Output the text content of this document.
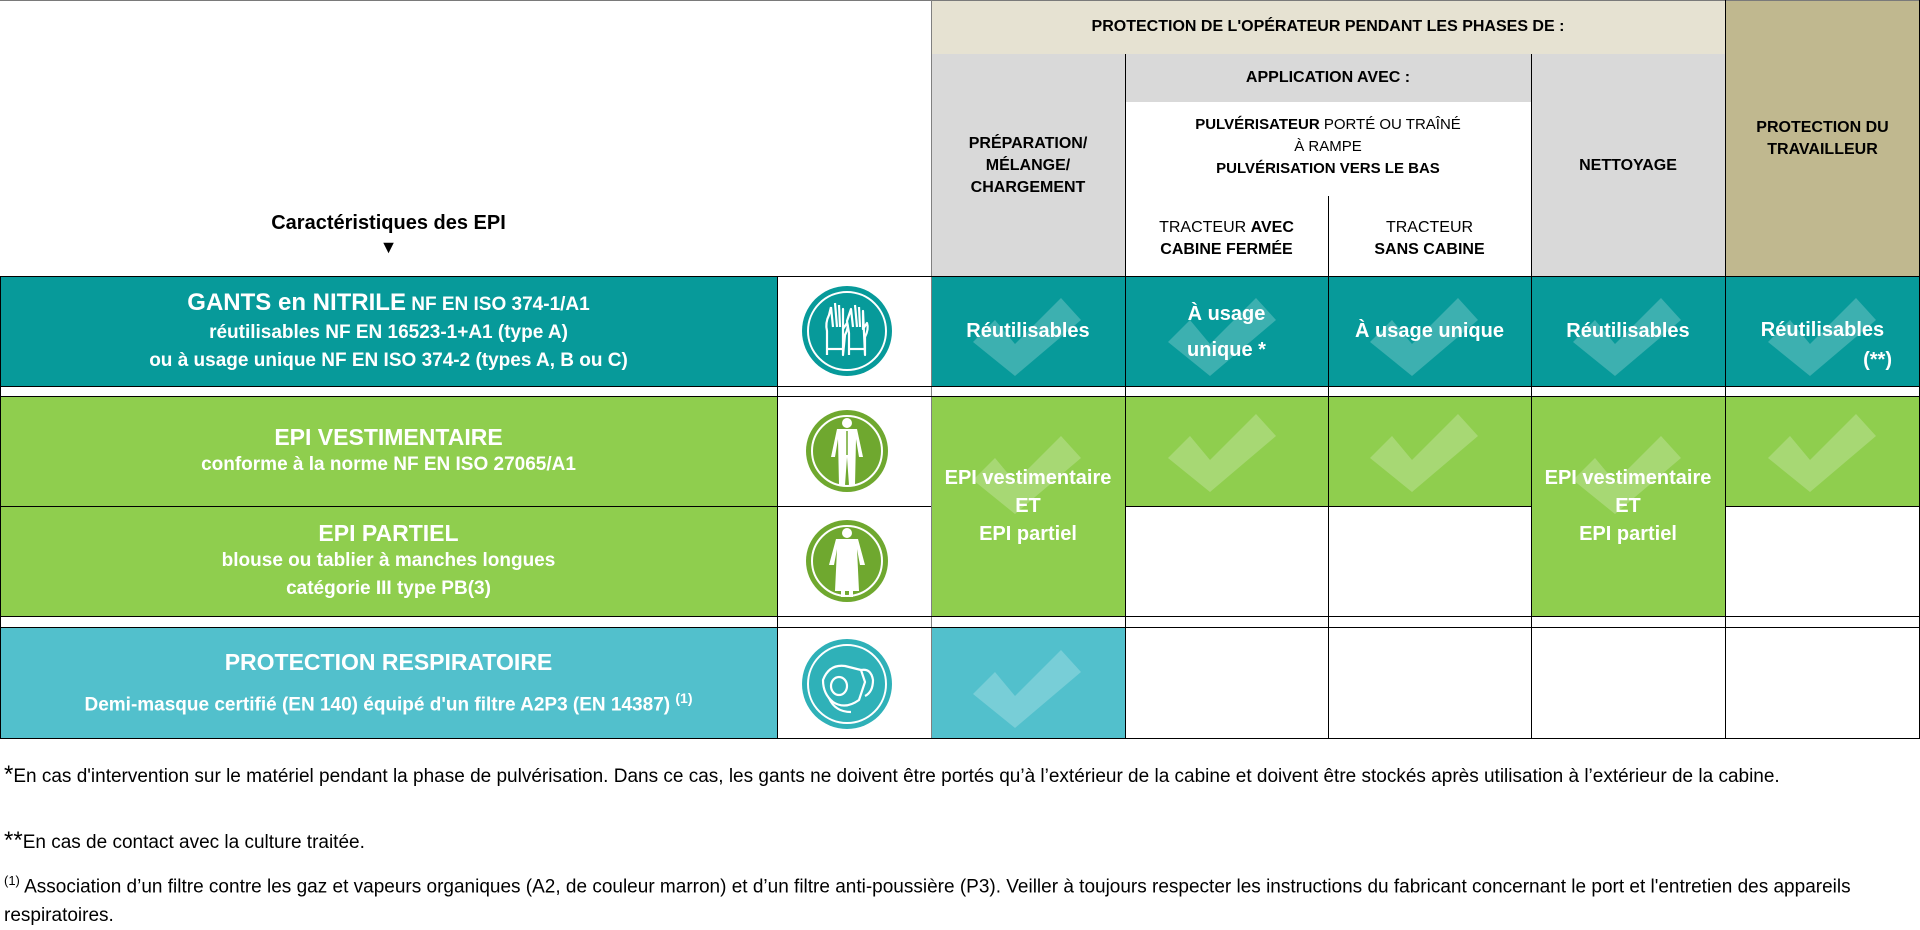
Caractéristiques des EPI
▼
PROTECTION DE L'OPÉRATEUR PENDANT LES PHASES DE :
PROTECTION DU
TRAVAILLEUR
PRÉPARATION/
MÉLANGE/
CHARGEMENT
APPLICATION AVEC :
PULVÉRISATEUR PORTÉ OU TRAÎNÉ
À RAMPE
PULVÉRISATION VERS LE BAS
TRACTEUR AVEC
CABINE FERMÉE
TRACTEUR
SANS CABINE
NETTOYAGE
GANTS en NITRILE NF EN ISO 374-1/A1
réutilisables NF EN 16523-1+A1 (type A)
ou à usage unique NF EN ISO 374-2 (types A, B ou C)
EPI VESTIMENTAIRE
conforme à la norme NF EN ISO 27065/A1
EPI PARTIEL
blouse ou tablier à manches longues
catégorie III type PB(3)
PROTECTION RESPIRATOIRE
Demi-masque certifié (EN 140) équipé d'un filtre A2P3 (EN 14387) $^{(1)}$
Réutilisables
À usage
unique *
À usage unique	Réutilisables	Réutilisables
(**)
EPI vestimentaire
ET
EPI partiel
EPI vestimentaire
ET
EPI partiel
*En cas d'intervention sur le matériel pendant la phase de pulvérisation. Dans ce cas, les gants ne doivent être portés qu’à l’extérieur de la cabine et doivent être stockés après utilisation à l’extérieur de la cabine.
**En cas de contact avec la culture traitée.
$^{(1)}$ Association d’un filtre contre les gaz et vapeurs organiques (A2, de couleur marron) et d’un filtre anti-poussière (P3). Veiller à toujours respecter les instructions du fabricant concernant le port et l'entretien des appareils respiratoires.
